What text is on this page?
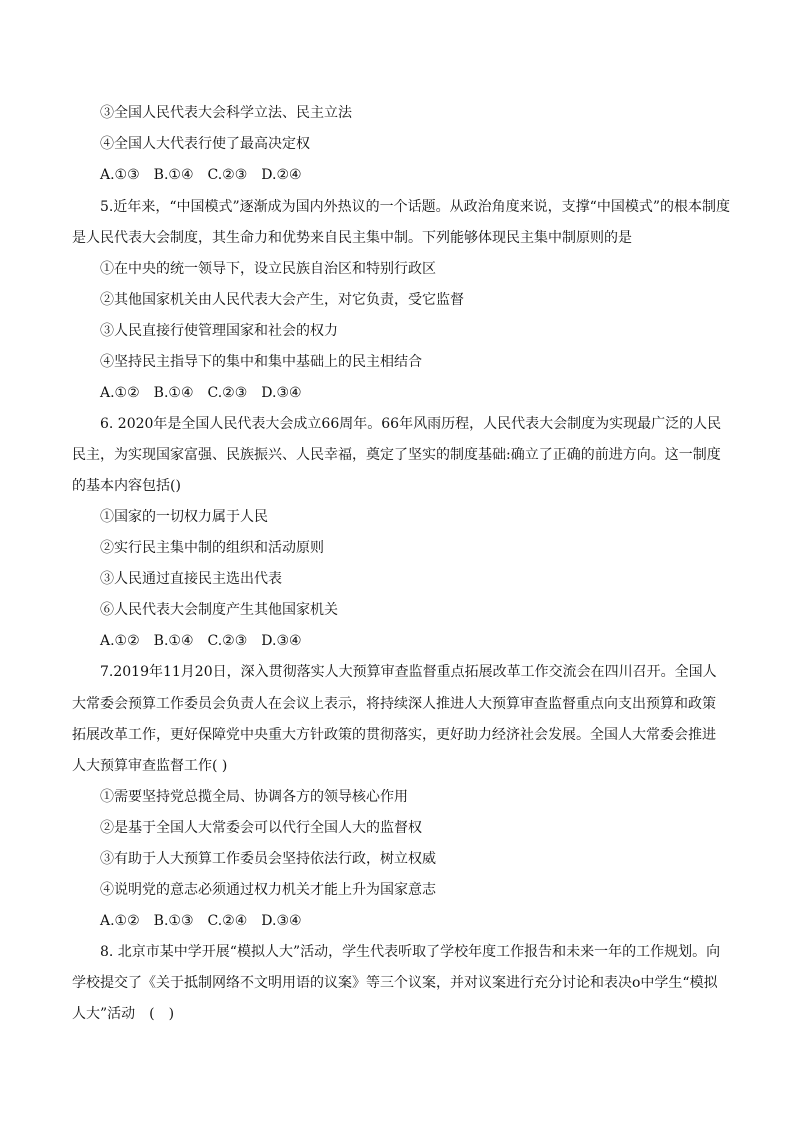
③全国人民代表大会科学立法、民主立法
④全国人大代表行使了最高决定权
A.①③　B.①④　C.②③　D.②④
5.近年来，“中国模式”逐渐成为国内外热议的一个话题。从政治角度来说，支撑“中国模式”的根本制度
是人民代表大会制度，其生命力和优势来自民主集中制。下列能够体现民主集中制原则的是
①在中央的统一领导下，设立民族自治区和特别行政区
②其他国家机关由人民代表大会产生，对它负责，受它监督
③人民直接行使管理国家和社会的权力
④坚持民主指导下的集中和集中基础上的民主相结合
A.①②　B.①④　C.②③　D.③④
6. 2020年是全国人民代表大会成立66周年。66年风雨历程，人民代表大会制度为实现最广泛的人民
民主，为实现国家富强、民族振兴、人民幸福，奠定了坚实的制度基础:确立了正确的前进方向。这一制度
的基本内容包括()
①国家的一切权力属于人民
②实行民主集中制的组织和活动原则
③人民通过直接民主选出代表
⑥人民代表大会制度产生其他国家机关
A.①②　B.①④　C.②③　D.③④
7.2019年11月20日，深入贯彻落实人大预算审查监督重点拓展改革工作交流会在四川召开。全国人
大常委会预算工作委员会负责人在会议上表示，将持续深人推进人大预算审查监督重点向支出预算和政策
拓展改革工作，更好保障党中央重大方针政策的贯彻落实，更好助力经济社会发展。全国人大常委会推进
人大预算审查监督工作( )
①需要坚持党总揽全局、协调各方的领导核心作用
②是基于全国人大常委会可以代行全国人大的监督权
③有助于人大预算工作委员会坚持依法行政，树立权威
④说明党的意志必须通过权力机关才能上升为国家意志
A.①②　B.①③　C.②④　D.③④
8. 北京市某中学开展“模拟人大”活动，学生代表听取了学校年度工作报告和未来一年的工作规划。向
学校提交了《关于抵制网络不文明用语的议案》等三个议案，并对议案进行充分讨论和表决o中学生“模拟
人大”活动　(　)
